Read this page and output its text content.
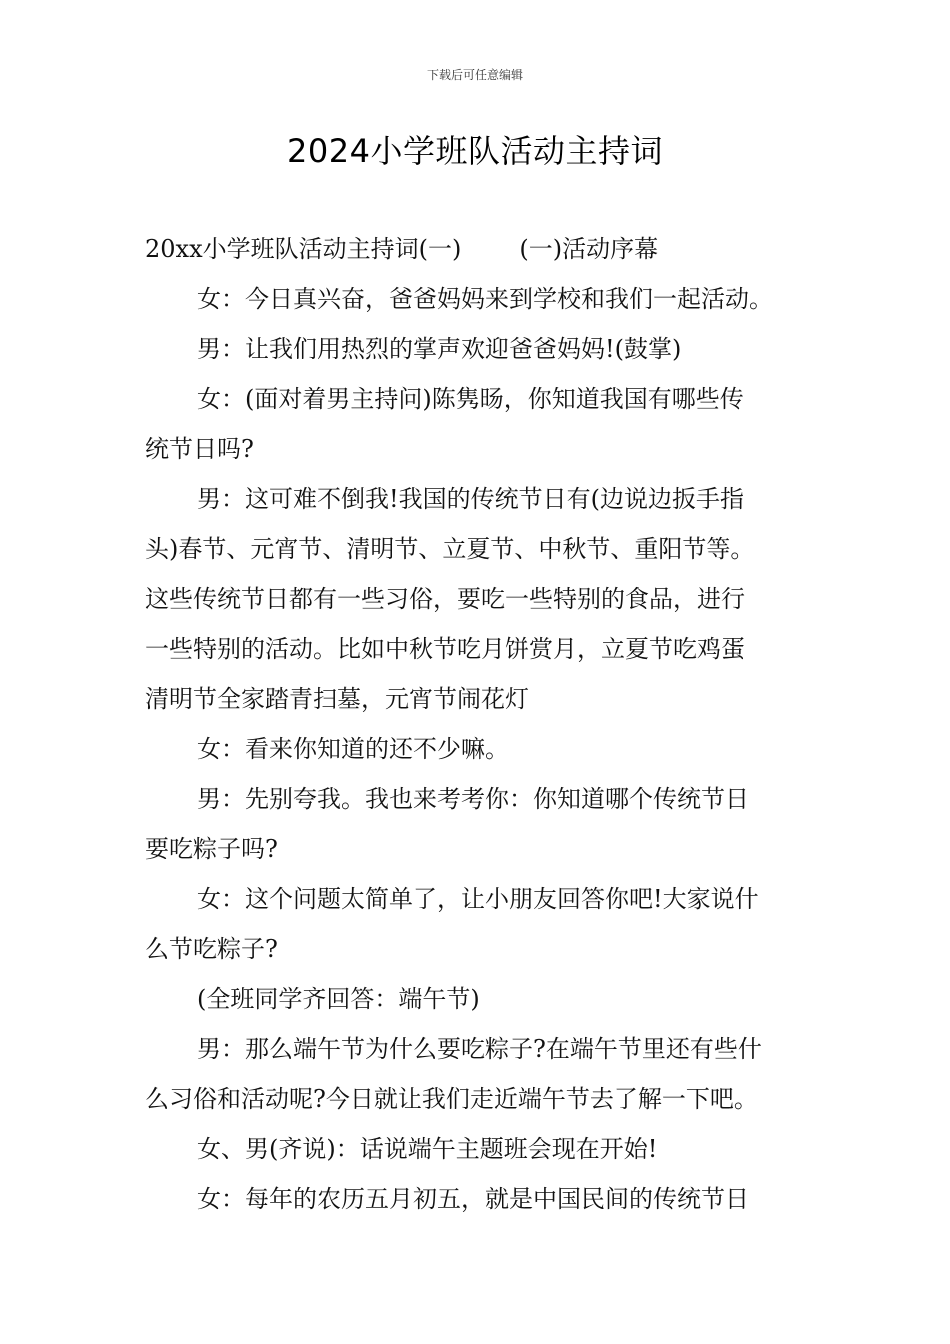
下载后可任意编辑
2024小学班队活动主持词
20xx小学班队活动主持词(一) (一)活动序幕
女：今日真兴奋，爸爸妈妈来到学校和我们一起活动。
男：让我们用热烈的掌声欢迎爸爸妈妈!(鼓掌)
女：(面对着男主持问)陈隽旸，你知道我国有哪些传
统节日吗?
男：这可难不倒我!我国的传统节日有(边说边扳手指
头)春节、元宵节、清明节、立夏节、中秋节、重阳节等。
这些传统节日都有一些习俗，要吃一些特别的食品，进行
一些特别的活动。比如中秋节吃月饼赏月，立夏节吃鸡蛋
清明节全家踏青扫墓，元宵节闹花灯
女：看来你知道的还不少嘛。
男：先别夸我。我也来考考你：你知道哪个传统节日
要吃粽子吗?
女：这个问题太简单了，让小朋友回答你吧!大家说什
么节吃粽子?
(全班同学齐回答：端午节)
男：那么端午节为什么要吃粽子?在端午节里还有些什
么习俗和活动呢?今日就让我们走近端午节去了解一下吧。
女、男(齐说)：话说端午主题班会现在开始!
女：每年的农历五月初五，就是中国民间的传统节日
